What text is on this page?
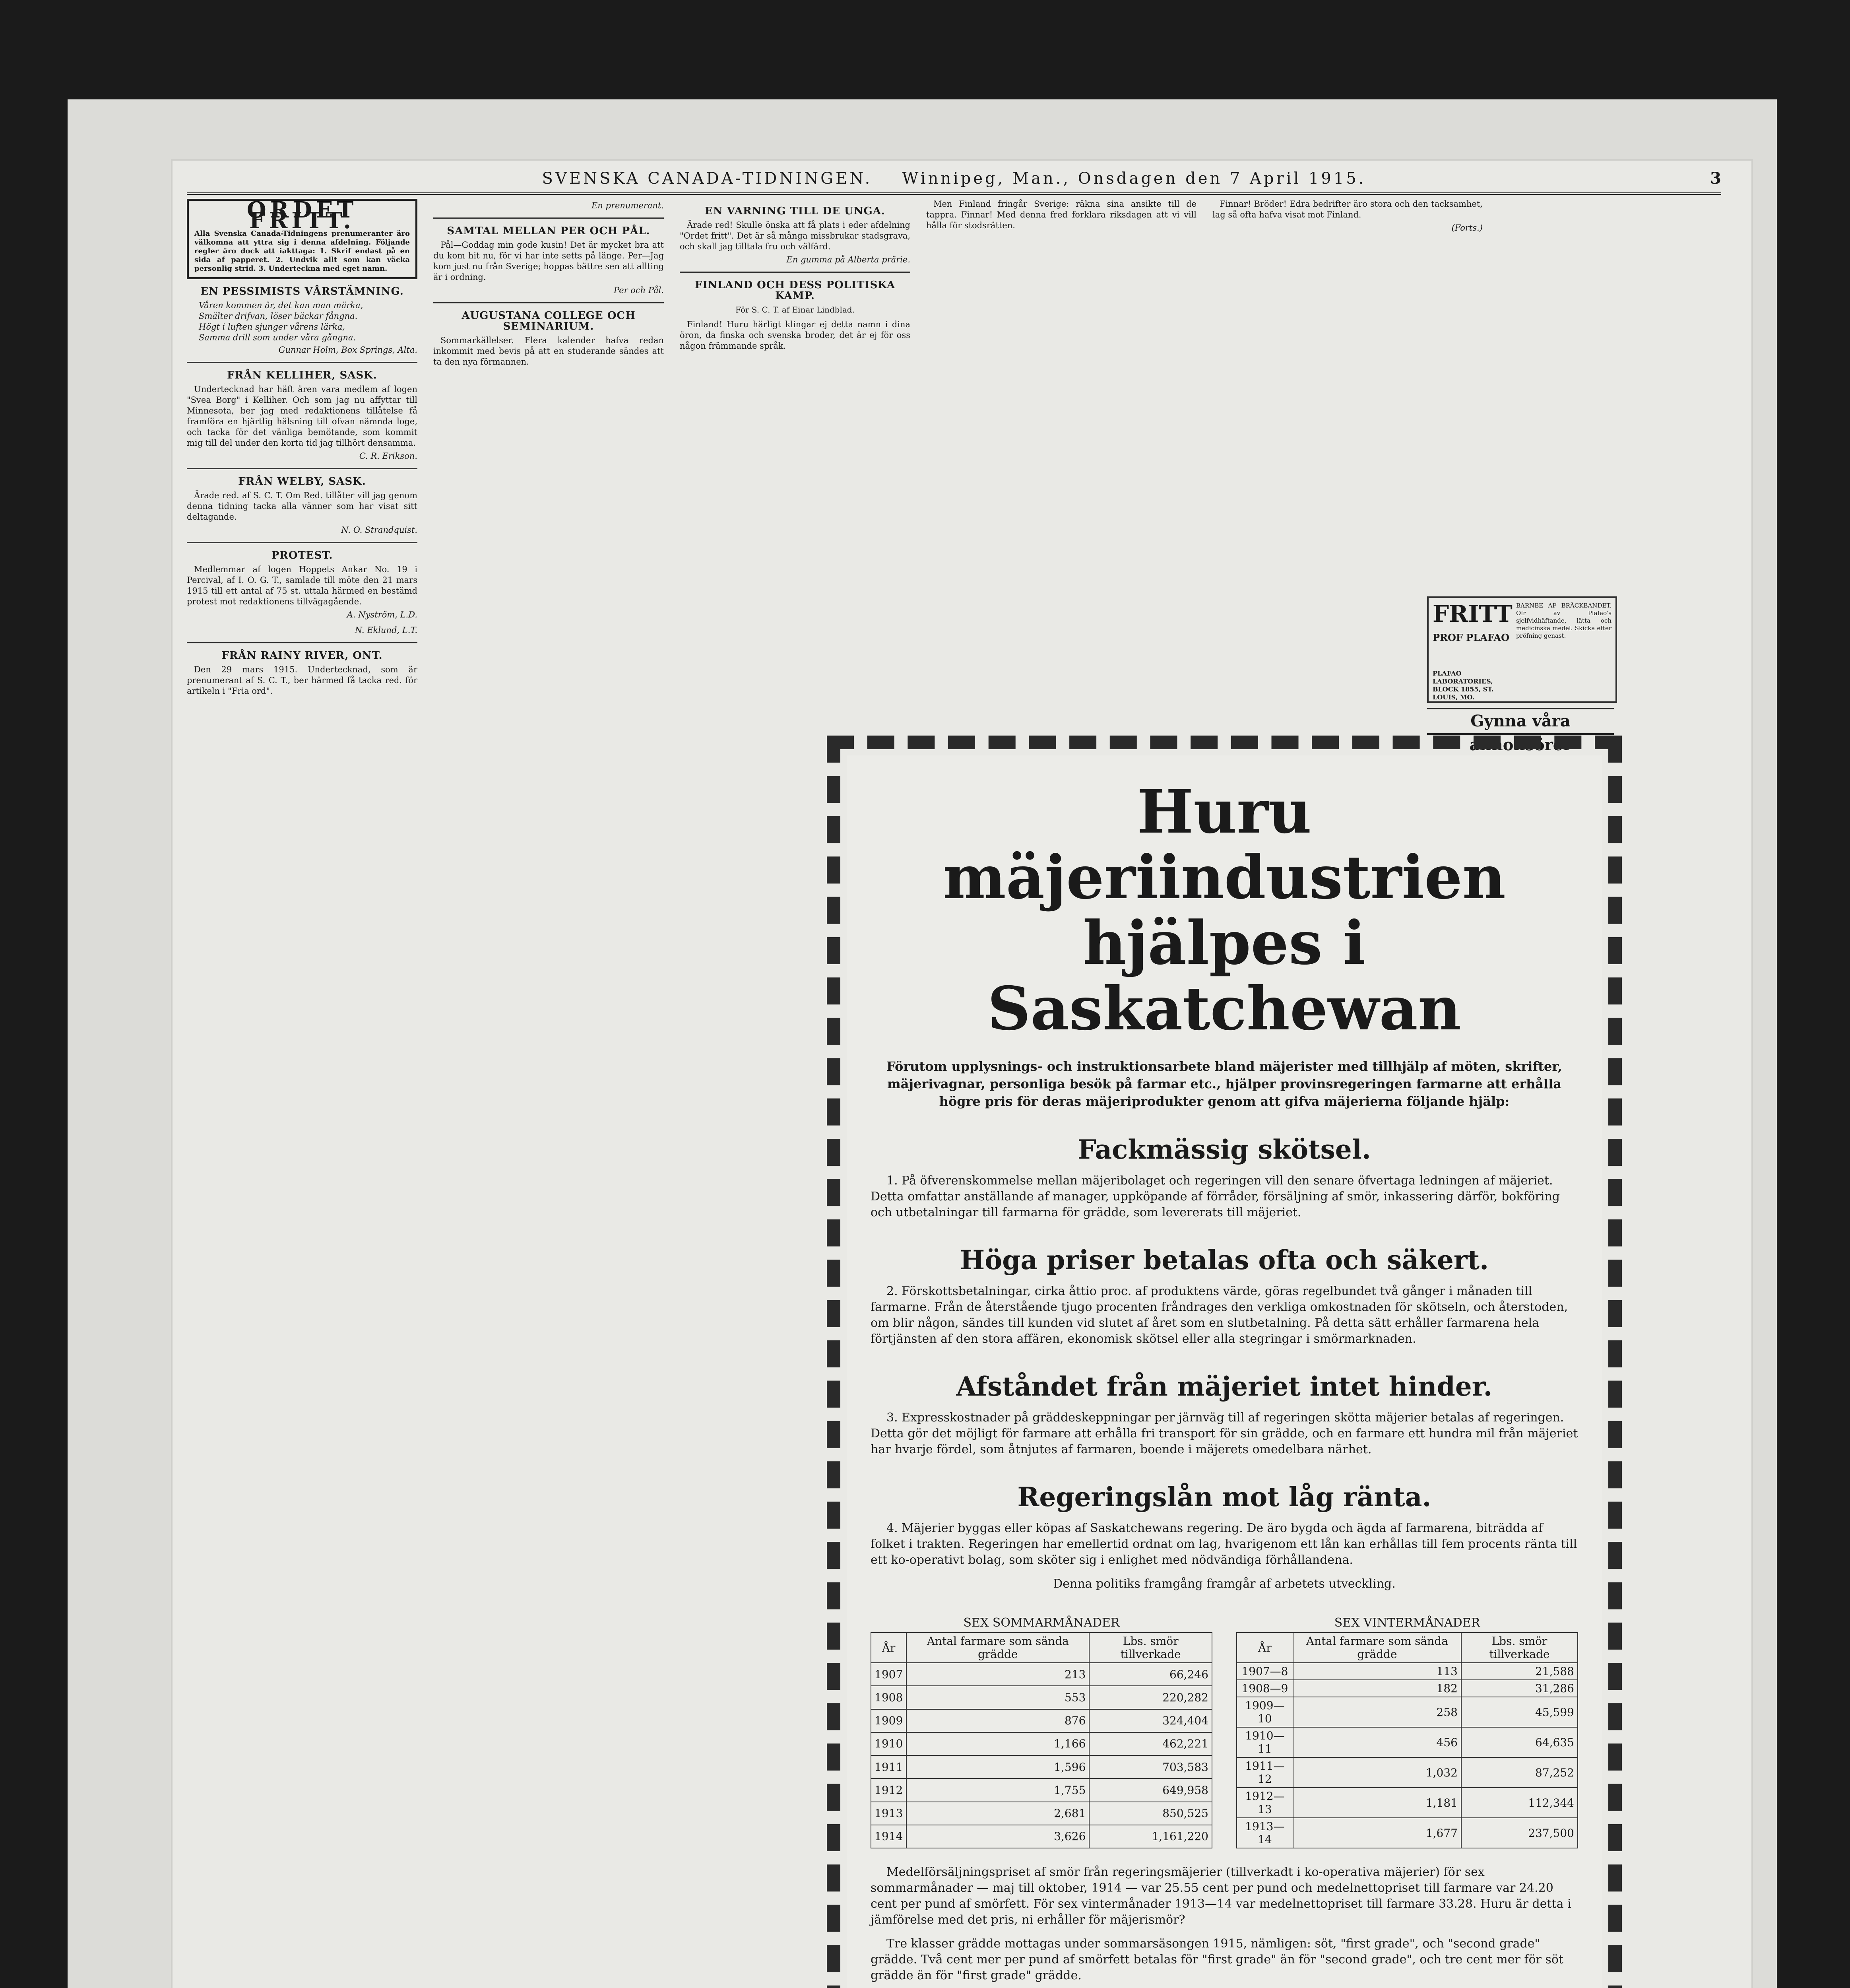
SVENSKA CANADA-TIDNINGEN. Winnipeg, Man., Onsdagen den 7 April 1915.	3
ORDET FRITT.
Alla Svenska Canada-Tidningens prenumeranter äro välkomna att yttra sig i denna afdelning. Följande regler äro dock att iakttaga: 1. Skrif endast på en sida af papperet. 2. Undvik allt som kan väcka personlig strid. 3. Underteckna med eget namn.
EN PESSIMISTS VÅRSTÄMNING.
Våren kommen är, det kan man märka,
Smälter drifvan, löser bäckar fångna.
Högt i luften sjunger vårens lärka,
Samma drill som under våra gångna.
Gunnar Holm, Box Springs, Alta.
FRÅN KELLIHER, SASK.

Undertecknad har häft ären vara medlem af logen "Svea Borg" i Kelliher. Och som jag nu affyttar till Minnesota, ber jag med redaktionens tillåtelse få framföra en hjärtlig hälsning till ofvan nämnda loge, och tacka för det vänliga bemötande, som kommit mig till del under den korta tid jag tillhört densamma.

C. R. Erikson.
FRÅN WELBY, SASK.

Ärade red. af S. C. T. Om Red. tillåter vill jag genom denna tidning tacka alla vänner som har visat sitt deltagande.

N. O. Strandquist.
PROTEST.

Medlemmar af logen Hoppets Ankar No. 19 i Percival, af I. O. G. T., samlade till möte den 21 mars 1915 till ett antal af 75 st. uttala härmed en bestämd protest mot redaktionens tillvägagående.

A. Nyström, L.D.
N. Eklund, L.T.
FRÅN RAINY RIVER, ONT.

Den 29 mars 1915. Undertecknad, som är prenumerant af S. C. T., ber härmed få tacka red. för artikeln i "Fria ord".

En prenumerant.
SAMTAL MELLAN PER OCH PÅL.

Pål—Goddag min gode kusin! Det är mycket bra att du kom hit nu, för vi har inte setts på länge. Per—Jag kom just nu från Sverige; hoppas bättre sen att allting är i ordning.

Per och Pål.
AUGUSTANA COLLEGE OCH SEMINARIUM.

Sommarkällelser. Flera kalender hafva redan inkommit med bevis på att en studerande sändes att ta den nya förmannen.

EN VARNING TILL DE UNGA.

Ärade red! Skulle önska att få plats i eder afdelning "Ordet fritt". Det är så många missbrukar stadsgrava, och skall jag tilltala fru och välfärd.

En gumma på Alberta prärie.
FINLAND OCH DESS POLITISKA KAMP.
För S. C. T. af Einar Lindblad.

Finland! Huru härligt klingar ej detta namn i dina öron, da finska och svenska broder, det är ej för oss någon främmande språk.

Men Finland fringår Sverige: räkna sina ansikte till de tappra. Finnar! Med denna fred forklara riksdagen att vi vill hålla för stodsrätten.

Finnar! Bröder! Edra bedrifter äro stora och den tacksamhet, lag så ofta hafva visat mot Finland.

(Forts.)
FRITT
PROF PLAFAO
BARNBE AF BRÅCKBANDET. Olr av Plafao's sjelfvidhäftande, lätta och medicinska medel. Skicka efter pröfning genast.
PLAFAO LABORATORIES, BLOCK 1855, ST. LOUIS, MO.
Gynna våra annonsörer
Huru mäjeriindustrien
hjälpes i Saskatchewan
Förutom upplysnings- och instruktionsarbete bland mäjerister med tillhjälp af möten, skrifter, mäjerivagnar, personliga besök på farmar etc., hjälper provinsregeringen farmarne att erhålla högre pris för deras mäjeriprodukter genom att gifva mäjerierna följande hjälp:
Fackmässig skötsel.
1. På öfverenskommelse mellan mäjeribolaget och regeringen vill den senare öfvertaga ledningen af mäjeriet. Detta omfattar anställande af manager, uppköpande af förråder, försäljning af smör, inkassering därför, bokföring och utbetalningar till farmarna för grädde, som levererats till mäjeriet.
Höga priser betalas ofta och säkert.
2. Förskottsbetalningar, cirka åttio proc. af produktens värde, göras regelbundet två gånger i månaden till farmarne. Från de återstående tjugo procenten fråndrages den verkliga omkostnaden för skötseln, och återstoden, om blir någon, sändes till kunden vid slutet af året som en slutbetalning. På detta sätt erhåller farmarena hela förtjänsten af den stora affären, ekonomisk skötsel eller alla stegringar i smörmarknaden.
Afståndet från mäjeriet intet hinder.
3. Expresskostnader på gräddeskeppningar per järnväg till af regeringen skötta mäjerier betalas af regeringen. Detta gör det möjligt för farmare att erhålla fri transport för sin grädde, och en farmare ett hundra mil från mäjeriet har hvarje fördel, som åtnjutes af farmaren, boende i mäjerets omedelbara närhet.
Regeringslån mot låg ränta.
4. Mäjerier byggas eller köpas af Saskatchewans regering. De äro bygda och ägda af farmarena, biträdda af folket i trakten. Regeringen har emellertid ordnat om lag, hvarigenom ett lån kan erhållas till fem procents ränta till ett ko-operativt bolag, som sköter sig i enlighet med nödvändiga förhållandena.
Denna politiks framgång framgår af arbetets utveckling.
SEX SOMMARMÅNADER
År	Antal farmare som sända grädde	Lbs. smör tillverkade
1907	213	66,246
1908	553	220,282
1909	876	324,404
1910	1,166	462,221
1911	1,596	703,583
1912	1,755	649,958
1913	2,681	850,525
1914	3,626	1,161,220
SEX VINTERMÅNADER
År	Antal farmare som sända grädde	Lbs. smör tillverkade
1907—8	113	21,588
1908—9	182	31,286
1909—10	258	45,599
1910—11	456	64,635
1911—12	1,032	87,252
1912—13	1,181	112,344
1913—14	1,677	237,500
Medelförsäljningspriset af smör från regeringsmäjerier (tillverkadt i ko-operativa mäjerier) för sex sommarmånader — maj till oktober, 1914 — var 25.55 cent per pund och medelnettopriset till farmare var 24.20 cent per pund af smörfett. För sex vintermånader 1913—14 var medelnettopriset till farmare 33.28. Huru är detta i jämförelse med det pris, ni erhåller för mäjerismör?
Tre klasser grädde mottagas under sommarsäsongen 1915, nämligen: söt, "first grade", och "second grade" grädde. Två cent mer per pund af smörfett betalas för "first grade" än för "second grade", och tre cent mer för söt grädde än för "first grade" grädde.
